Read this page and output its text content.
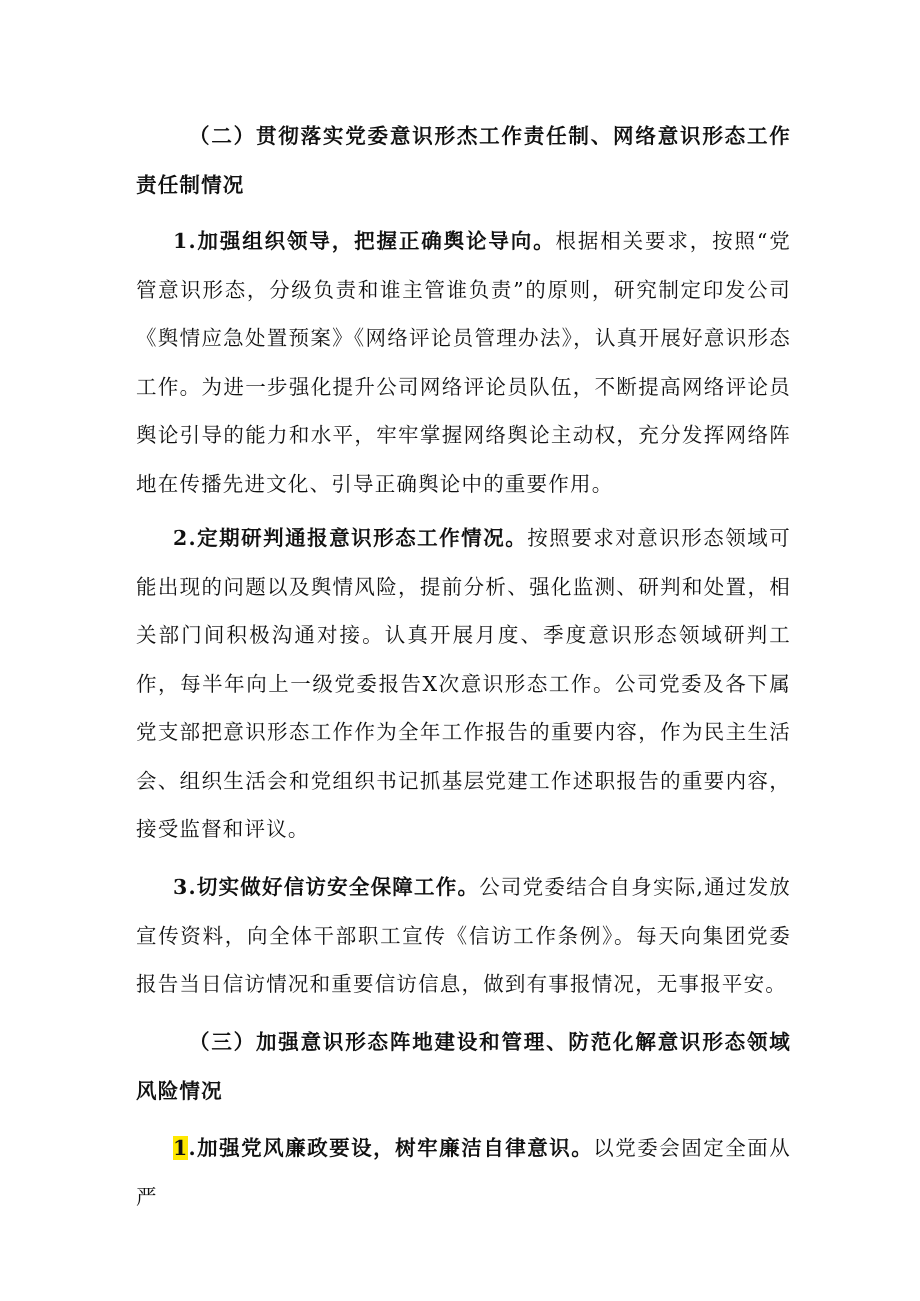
（二）贯彻落实党委意识形杰工作责任制、网络意识形态工作责任制情况
1.加强组织领导，把握正确舆论导向。根据相关要求，按照“党管意识形态，分级负责和谁主管谁负责”的原则，研究制定印发公司《舆情应急处置预案》《网络评论员管理办法》，认真开展好意识形态工作。为进一步强化提升公司网络评论员队伍，不断提高网络评论员舆论引导的能力和水平，牢牢掌握网络舆论主动权，充分发挥网络阵地在传播先进文化、引导正确舆论中的重要作用。
2.定期研判通报意识形态工作情况。按照要求对意识形态领域可能出现的问题以及舆情风险，提前分析、强化监测、研判和处置，相关部门间积极沟通对接。认真开展月度、季度意识形态领域研判工作，每半年向上一级党委报告X次意识形态工作。公司党委及各下属党支部把意识形态工作作为全年工作报告的重要内容，作为民主生活会、组织生活会和党组织书记抓基层党建工作述职报告的重要内容，接受监督和评议。
3.切实做好信访安全保障工作。公司党委结合自身实际,通过发放宣传资料，向全体干部职工宣传《信访工作条例》。每天向集团党委报告当日信访情况和重要信访信息，做到有事报情况，无事报平安。
（三）加强意识形态阵地建设和管理、防范化解意识形态领域风险情况
1.加强党风廉政要设，树牢廉洁自律意识。以党委会固定全面从严
